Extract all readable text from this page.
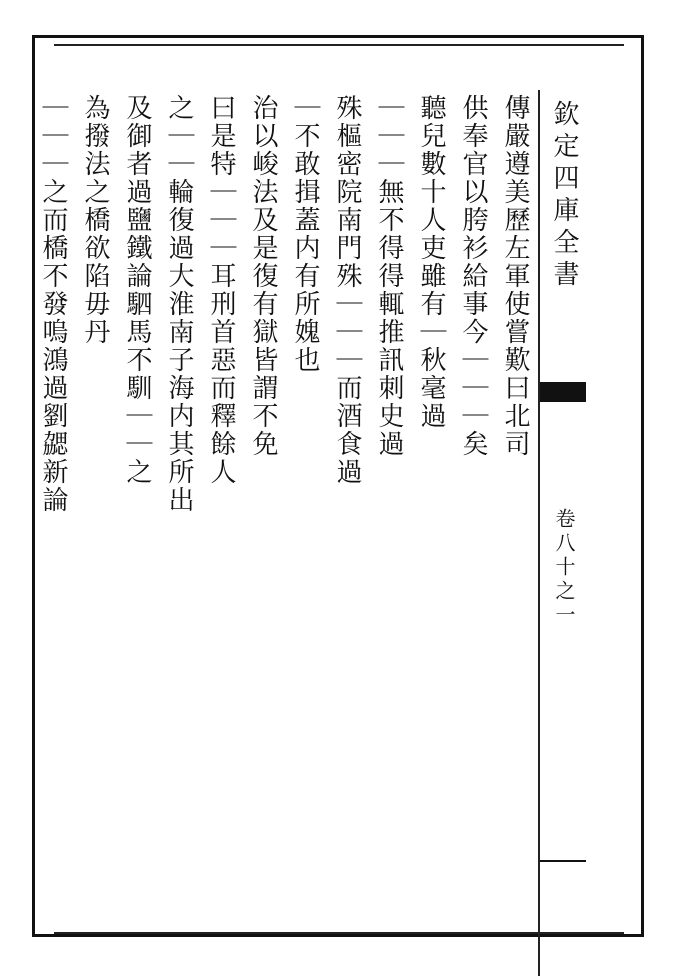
欽定四庫全書
卷八十之一
傳嚴遵美歷左軍使嘗歎曰北司
供奉官以胯衫給事今｜｜｜矣
聽兒數十人吏雖有｜秋毫過
｜｜｜無不得得輒推訊刺史過
殊樞密院南門殊｜｜｜而酒食過
｜不敢揖蓋内有所媿也
治以峻法及是復有獄皆謂不免
曰是特｜｜｜耳刑首惡而釋餘人
之｜｜輪復過大淮南子海内其所出
及御者過鹽鐵論駟馬不馴｜｜之
為撥法之橋欲陷毋丹
｜｜｜之而橋不發嗚鴻過劉勰新論
